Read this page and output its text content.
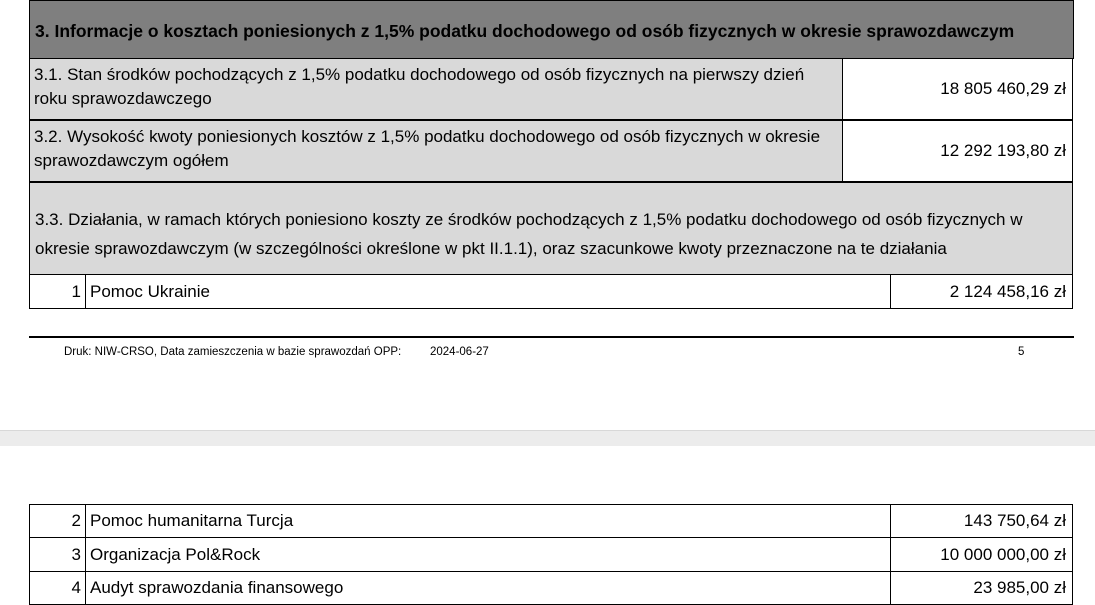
3. Informacje o kosztach poniesionych z 1,5% podatku dochodowego od osób fizycznych w okresie sprawozdawczym
3.1. Stan środków pochodzących z 1,5% podatku dochodowego od osób fizycznych na pierwszy dzień roku sprawozdawczego
18 805 460,29 zł
3.2. Wysokość kwoty poniesionych kosztów z 1,5% podatku dochodowego od osób fizycznych w okresie sprawozdawczym ogółem
12 292 193,80 zł
3.3. Działania, w ramach których poniesiono koszty ze środków pochodzących z 1,5% podatku dochodowego od osób fizycznych w okresie sprawozdawczym (w szczególności określone w pkt II.1.1), oraz szacunkowe kwoty przeznaczone na te działania
1 Pomoc Ukrainie	2 124 458,16 zł
Druk: NIW-CRSO, Data zamieszczenia w bazie sprawozdań OPP:	2024-06-27	5
2 Pomoc humanitarna Turcja	143 750,64 zł
3 Organizacja Pol&Rock	10 000 000,00 zł
4 Audyt sprawozdania finansowego	23 985,00 zł
